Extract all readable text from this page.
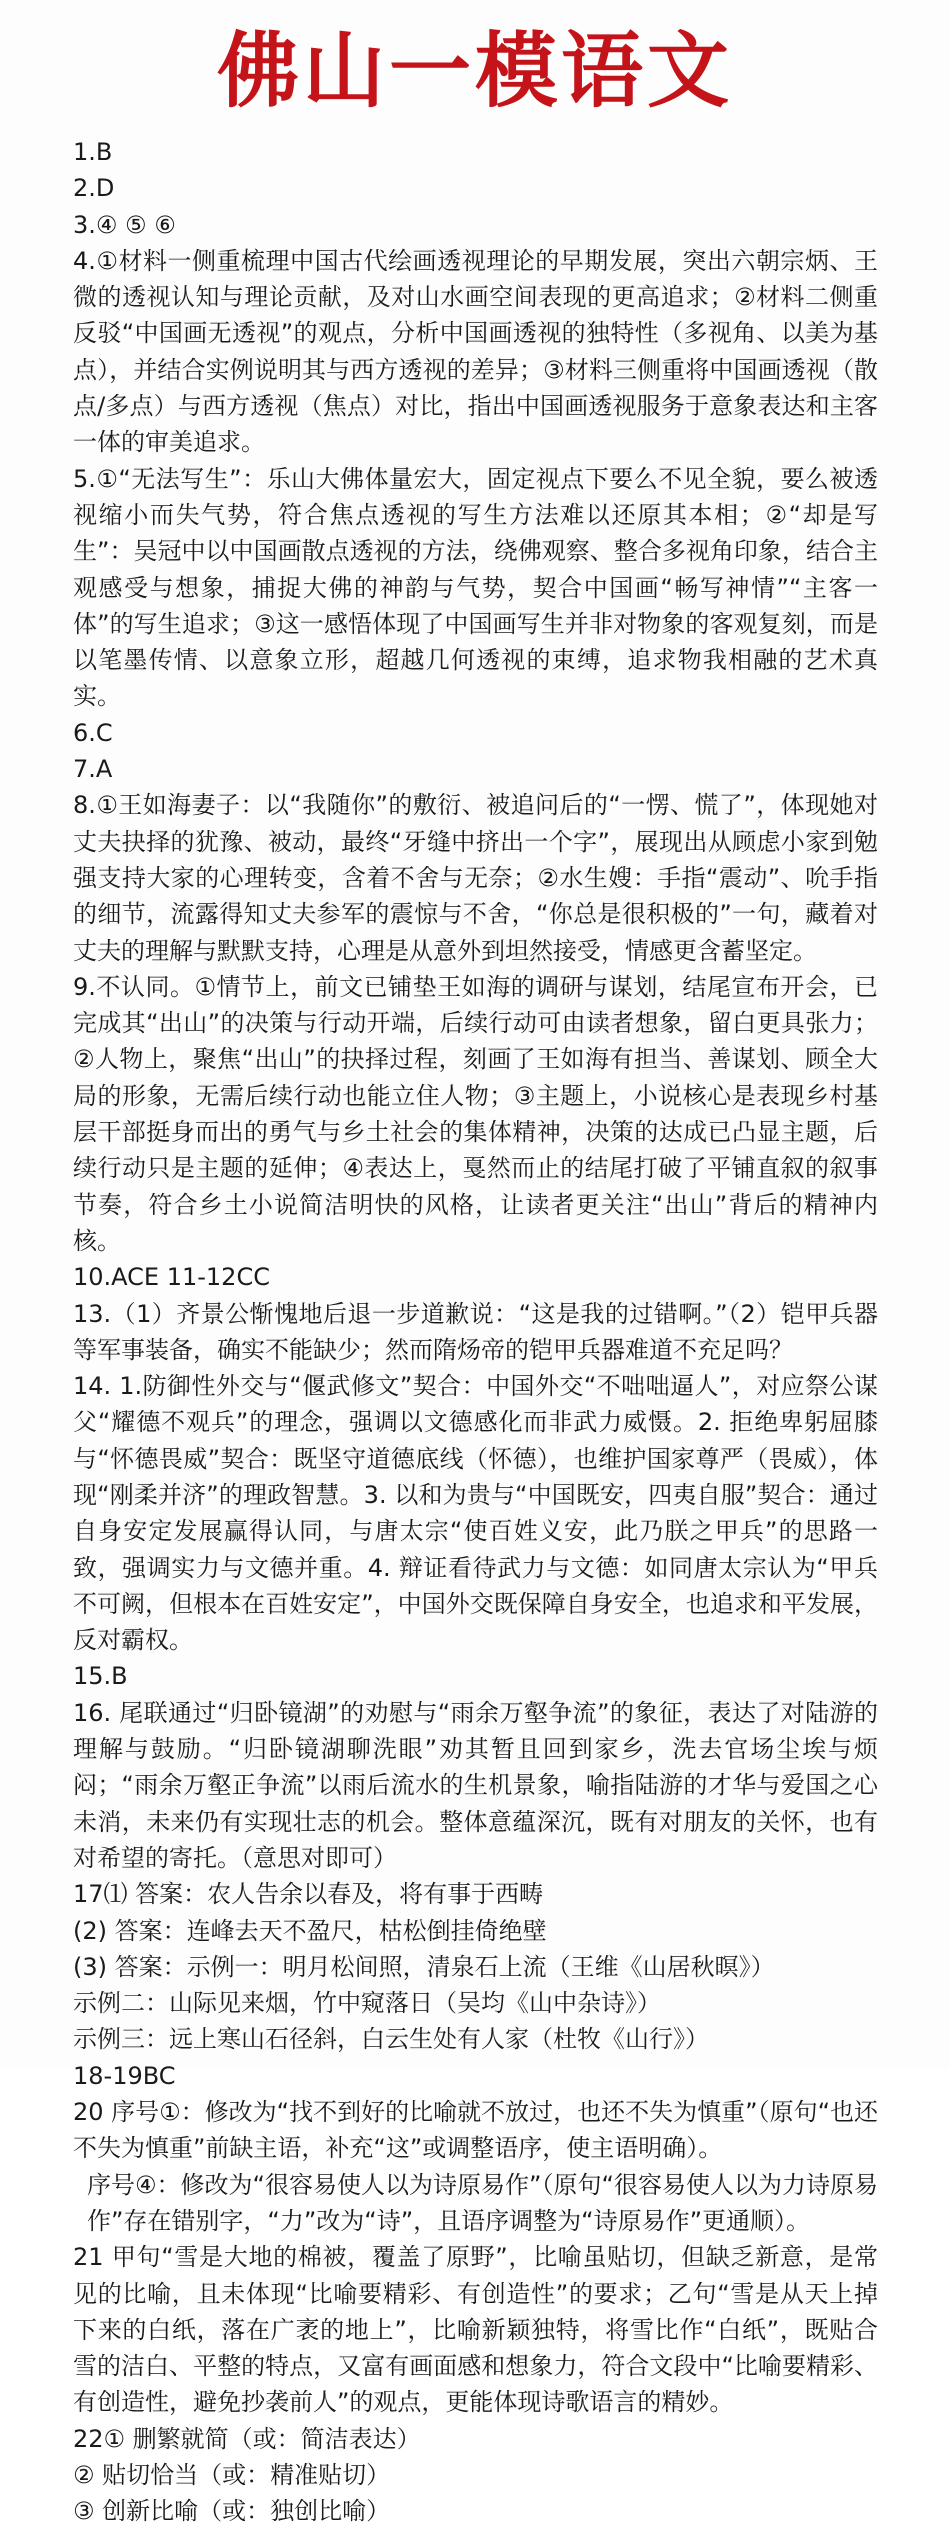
佛山一模语文

1.B

2.D

3.④ ⑤ ⑥

4.①材料一侧重梳理中国古代绘画透视理论的早期发展，突出六朝宗炳、王微的透视认知与理论贡献，及对山水画空间表现的更高追求；②材料二侧重反驳“中国画无透视”的观点，分析中国画透视的独特性（多视角、以美为基点），并结合实例说明其与西方透视的差异；③材料三侧重将中国画透视（散点/多点）与西方透视（焦点）对比，指出中国画透视服务于意象表达和主客一体的审美追求。

5.①“无法写生”：乐山大佛体量宏大，固定视点下要么不见全貌，要么被透视缩小而失气势，符合焦点透视的写生方法难以还原其本相；②“却是写生”：吴冠中以中国画散点透视的方法，绕佛观察、整合多视角印象，结合主观感受与想象，捕捉大佛的神韵与气势，契合中国画“畅写神情”“主客一体”的写生追求；③这一感悟体现了中国画写生并非对物象的客观复刻，而是以笔墨传情、以意象立形，超越几何透视的束缚，追求物我相融的艺术真实。

6.C

7.A

8.①王如海妻子：以“我随你”的敷衍、被追问后的“一愣、慌了”，体现她对丈夫抉择的犹豫、被动，最终“牙缝中挤出一个字”，展现出从顾虑小家到勉强支持大家的心理转变，含着不舍与无奈；②水生嫂：手指“震动”、吮手指的细节，流露得知丈夫参军的震惊与不舍，“你总是很积极的”一句，藏着对丈夫的理解与默默支持，心理是从意外到坦然接受，情感更含蓄坚定。

9.不认同。①情节上，前文已铺垫王如海的调研与谋划，结尾宣布开会，已完成其“出山”的决策与行动开端，后续行动可由读者想象，留白更具张力；②人物上，聚焦“出山”的抉择过程，刻画了王如海有担当、善谋划、顾全大局的形象，无需后续行动也能立住人物；③主题上，小说核心是表现乡村基层干部挺身而出的勇气与乡土社会的集体精神，决策的达成已凸显主题，后续行动只是主题的延伸；④表达上，戛然而止的结尾打破了平铺直叙的叙事节奏，符合乡土小说简洁明快的风格，让读者更关注“出山”背后的精神内核。

10.ACE 11-12CC

13.（1）齐景公惭愧地后退一步道歉说：“这是我的过错啊。”（2）铠甲兵器等军事装备，确实不能缺少；然而隋炀帝的铠甲兵器难道不充足吗？

14. 1.防御性外交与“偃武修文”契合：中国外交“不咄咄逼人”，对应祭公谋父“耀德不观兵”的理念，强调以文德感化而非武力威慑。2. 拒绝卑躬屈膝与“怀德畏威”契合：既坚守道德底线（怀德），也维护国家尊严（畏威），体现“刚柔并济”的理政智慧。3. 以和为贵与“中国既安，四夷自服”契合：通过自身安定发展赢得认同，与唐太宗“使百姓义安，此乃朕之甲兵”的思路一致，强调实力与文德并重。4. 辩证看待武力与文德：如同唐太宗认为“甲兵不可阙，但根本在百姓安定”，中国外交既保障自身安全，也追求和平发展，反对霸权。

15.B

16. 尾联通过“归卧镜湖”的劝慰与“雨余万壑争流”的象征，表达了对陆游的理解与鼓励。“归卧镜湖聊洗眼”劝其暂且回到家乡，洗去官场尘埃与烦闷；“雨余万壑正争流”以雨后流水的生机景象，喻指陆游的才华与爱国之心未消，未来仍有实现壮志的机会。整体意蕴深沉，既有对朋友的关怀，也有对希望的寄托。（意思对即可）

17⑴ 答案：农人告余以春及，将有事于西畴

(2) 答案：连峰去天不盈尺，枯松倒挂倚绝壁

(3) 答案：示例一：明月松间照，清泉石上流（王维《山居秋暝》）

示例二：山际见来烟，竹中窥落日（吴均《山中杂诗》）

示例三：远上寒山石径斜，白云生处有人家（杜牧《山行》）

18-19BC

20 序号①：修改为“找不到好的比喻就不放过，也还不失为慎重”（原句“也还不失为慎重”前缺主语，补充“这”或调整语序，使主语明确）。

序号④：修改为“很容易使人以为诗原易作”（原句“很容易使人以为力诗原易作”存在错别字，“力”改为“诗”，且语序调整为“诗原易作”更通顺）。

21 甲句“雪是大地的棉被，覆盖了原野”，比喻虽贴切，但缺乏新意，是常见的比喻，且未体现“比喻要精彩、有创造性”的要求；乙句“雪是从天上掉下来的白纸，落在广袤的地上”，比喻新颖独特，将雪比作“白纸”，既贴合雪的洁白、平整的特点，又富有画面感和想象力，符合文段中“比喻要精彩、有创造性，避免抄袭前人”的观点，更能体现诗歌语言的精妙。

22① 删繁就简（或：简洁表达）

② 贴切恰当（或：精准贴切）

③ 创新比喻（或：独创比喻）
